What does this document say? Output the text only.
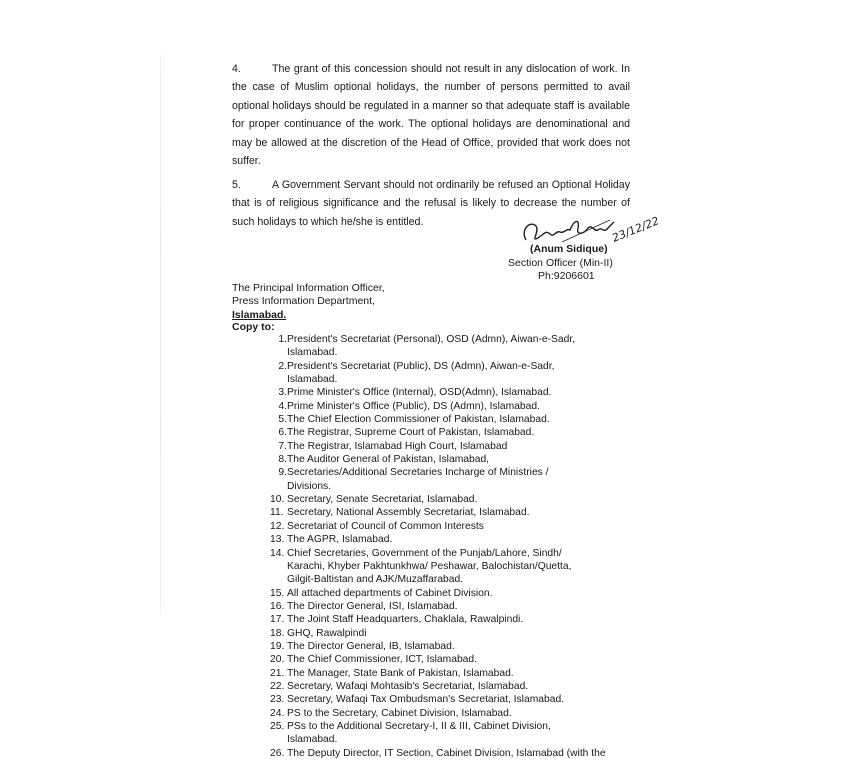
4.	The grant of this concession should not result in any dislocation of work. In the case of Muslim optional holidays, the number of persons permitted to avail optional holidays should be regulated in a manner so that adequate staff is available for proper continuance of the work. The optional holidays are denominational and may be allowed at the discretion of the Head of Office, provided that work does not suffer.

5.	A Government Servant should not ordinarily be refused an Optional Holiday that is of religious significance and the refusal is likely to decrease the number of such holidays to which he/she is entitled.	23/12/22
(Anum Sidique)
Section Officer (Min-II)
Ph:9206601
The Principal Information Officer,
Press Information Department,
Islamabad.
Copy to:
1. President's Secretariat (Personal), OSD (Admn), Aiwan-e-Sadr,
Islamabad.
2. President's Secretariat (Public), DS (Admn), Aiwan-e-Sadr,
Islamabad.
3. Prime Minister's Office (Internal), OSD(Admn), Islamabad.
4. Prime Minister's Office (Public), DS (Admn), Islamabad.
5. The Chief Election Commissioner of Pakistan, Islamabad.
6. The Registrar, Supreme Court of Pakistan, Islamabad.
7. The Registrar, Islamabad High Court, Islamabad
8. The Auditor General of Pakistan, Islamabad,
9. Secretaries/Additional Secretaries Incharge of Ministries /
Divisions.
10. Secretary, Senate Secretariat, Islamabad.
11. Secretary, National Assembly Secretariat, Islamabad.
12. Secretariat of Council of Common Interests
13. The AGPR, Islamabad.
14. Chief Secretaries, Government of the Punjab/Lahore, Sindh/
Karachi, Khyber Pakhtunkhwa/ Peshawar, Balochistan/Quetta,
Gilgit-Baltistan and AJK/Muzaffarabad.
15. All attached departments of Cabinet Division.
16. The Director General, ISI, Islamabad.
17. The Joint Staff Headquarters, Chaklala, Rawalpindi.
18. GHQ, Rawalpindi
19. The Director General, IB, Islamabad.
20. The Chief Commissioner, ICT, Islamabad.
21. The Manager, State Bank of Pakistan, Islamabad.
22. Secretary, Wafaqi Mohtasib's Secretariat, Islamabad.
23. Secretary, Wafaqi Tax Ombudsman's Secretariat, Islamabad.
24. PS to the Secretary, Cabinet Division, Islamabad.
25. PSs to the Additional Secretary-I, II & III, Cabinet Division,
Islamabad.
26. The Deputy Director, IT Section, Cabinet Division, Islamabad (with the
